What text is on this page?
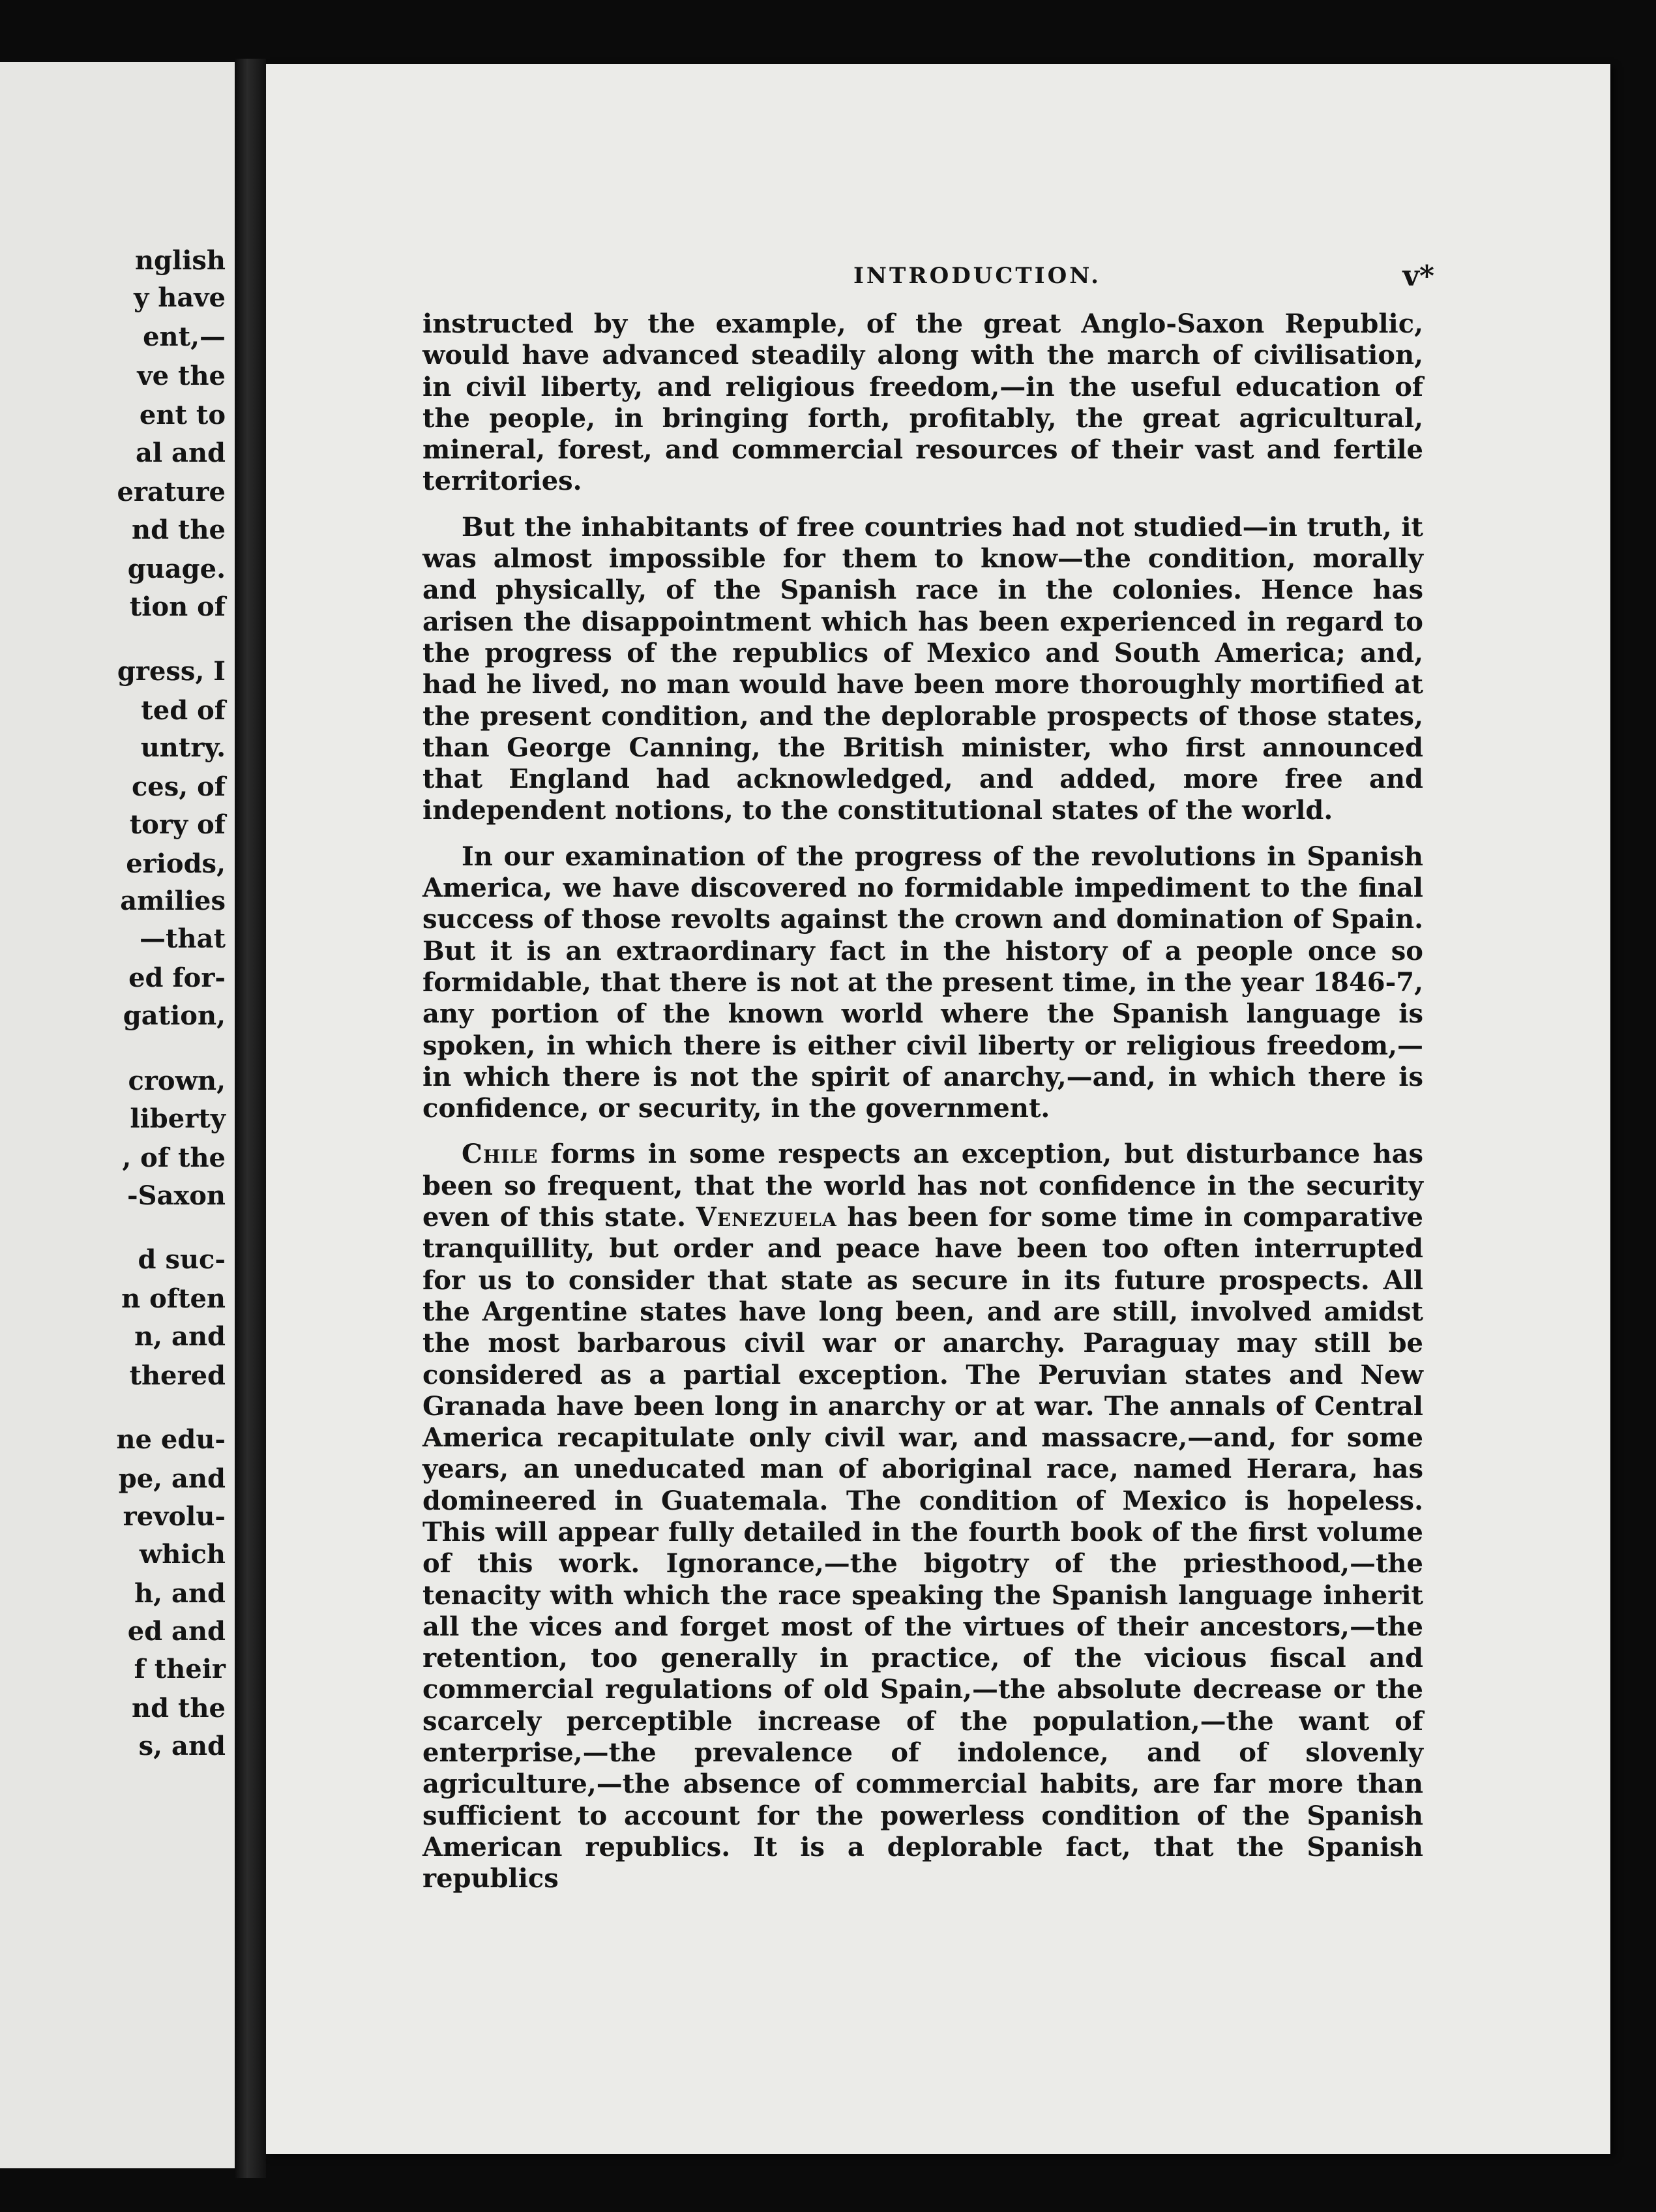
nglish
y have
ent,—
ve the
ent to
al and
erature
nd the
guage.
tion of
gress, I
ted of
untry.
ces, of
tory of
eriods,
amilies
—that
ed for-
gation,
crown,
liberty
, of the
-Saxon
d suc-
n often
n, and
thered
ne edu-
pe, and
revolu-
which
h, and
ed and
f their
nd the
s, and
INTRODUCTION.	v*

instructed by the example, of the great Anglo-Saxon Republic, would have advanced steadily along with the march of civilisation, in civil liberty, and religious freedom,—in the useful education of the people, in bringing forth, profitably, the great agricultural, mineral, forest, and commercial resources of their vast and fertile territories.

But the inhabitants of free countries had not studied—in truth, it was almost impossible for them to know—the condition, morally and physically, of the Spanish race in the colonies. Hence has arisen the disappointment which has been experienced in regard to the progress of the republics of Mexico and South America; and, had he lived, no man would have been more thoroughly mortified at the present condition, and the deplorable prospects of those states, than George Canning, the British minister, who first announced that England had acknowledged, and added, more free and independent notions, to the constitutional states of the world.

In our examination of the progress of the revolutions in Spanish America, we have discovered no formidable impediment to the final success of those revolts against the crown and domination of Spain. But it is an extraordinary fact in the history of a people once so formidable, that there is not at the present time, in the year 1846-7, any portion of the known world where the Spanish language is spoken, in which there is either civil liberty or religious freedom,—in which there is not the spirit of anarchy,—and, in which there is confidence, or security, in the government.

Chile forms in some respects an exception, but disturbance has been so frequent, that the world has not confidence in the security even of this state. Venezuela has been for some time in comparative tranquillity, but order and peace have been too often interrupted for us to consider that state as secure in its future prospects. All the Argentine states have long been, and are still, involved amidst the most barbarous civil war or anarchy. Paraguay may still be considered as a partial exception. The Peruvian states and New Granada have been long in anarchy or at war. The annals of Central America recapitulate only civil war, and massacre,—and, for some years, an uneducated man of aboriginal race, named Herara, has domineered in Guatemala. The condition of Mexico is hopeless. This will appear fully detailed in the fourth book of the first volume of this work. Ignorance,—the bigotry of the priesthood,—the tenacity with which the race speaking the Spanish language inherit all the vices and forget most of the virtues of their ancestors,—the retention, too generally in practice, of the vicious fiscal and commercial regulations of old Spain,—the absolute decrease or the scarcely perceptible increase of the population,—the want of enterprise,—the prevalence of indolence, and of slovenly agriculture,—the absence of commercial habits, are far more than sufficient to account for the powerless condition of the Spanish American republics. It is a deplorable fact, that the Spanish republics
